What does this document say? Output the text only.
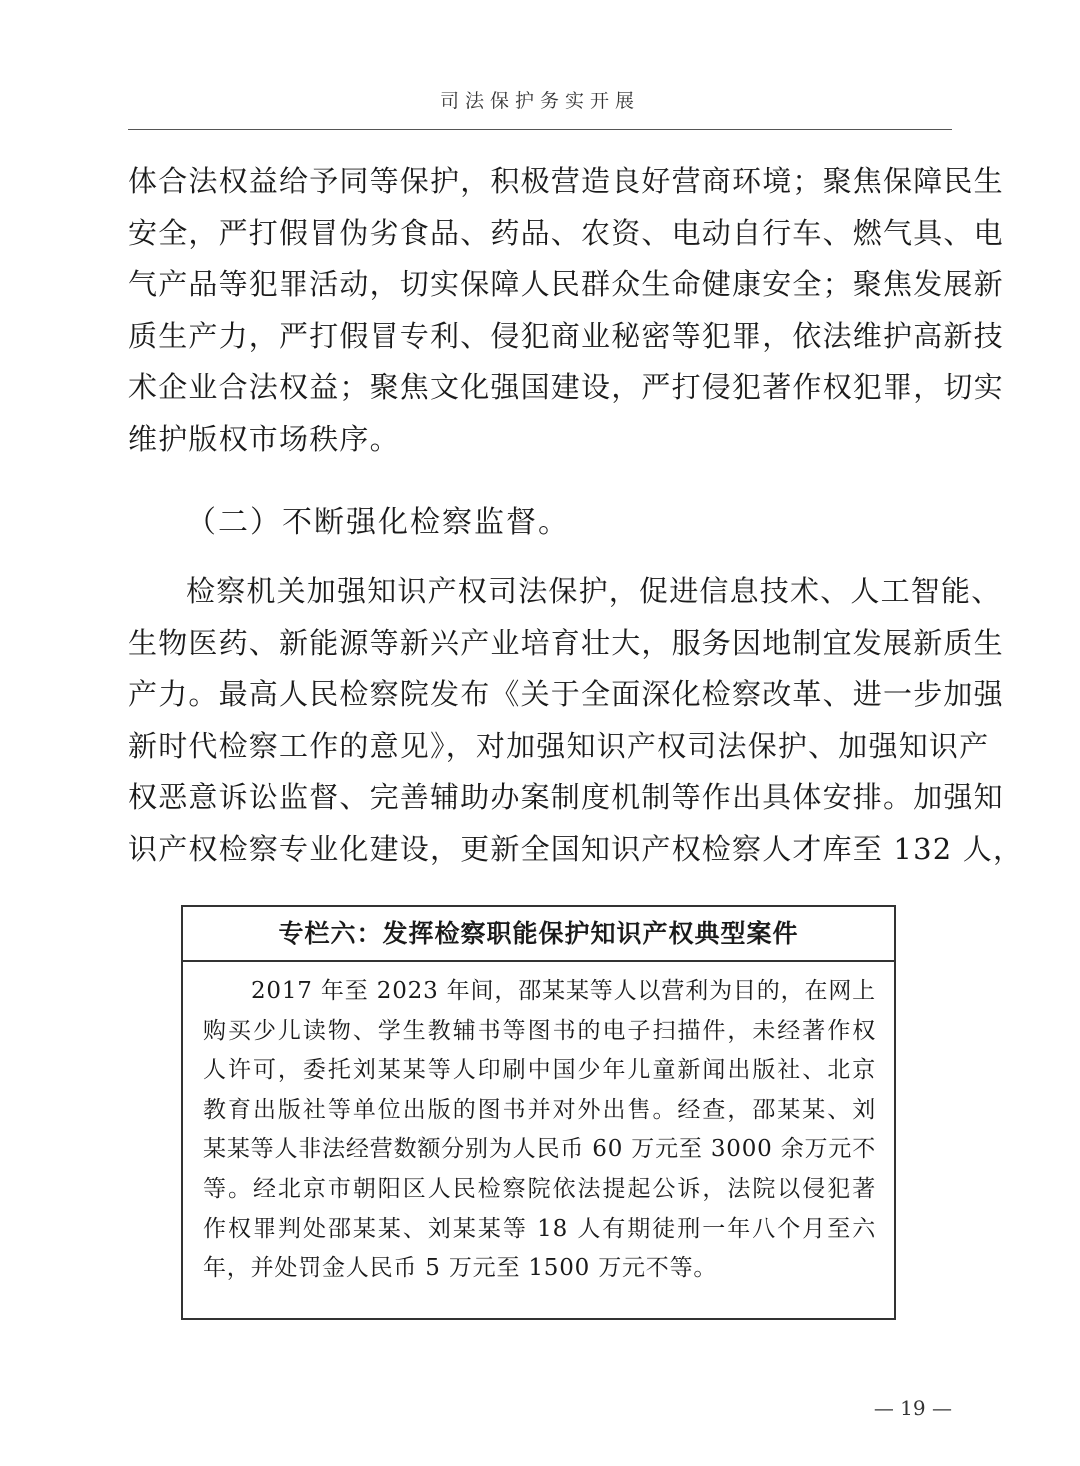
司法保护务实开展
体合法权益给予同等保护，积极营造良好营商环境；聚焦保障民生
安全，严打假冒伪劣食品、药品、农资、电动自行车、燃气具、电
气产品等犯罪活动，切实保障人民群众生命健康安全；聚焦发展新
质生产力，严打假冒专利、侵犯商业秘密等犯罪，依法维护高新技
术企业合法权益；聚焦文化强国建设，严打侵犯著作权犯罪，切实
维护版权市场秩序。
（二）不断强化检察监督。
检察机关加强知识产权司法保护，促进信息技术、人工智能、
生物医药、新能源等新兴产业培育壮大，服务因地制宜发展新质生
产力。最高人民检察院发布《关于全面深化检察改革、进一步加强
新时代检察工作的意见》，对加强知识产权司法保护、加强知识产
权恶意诉讼监督、完善辅助办案制度机制等作出具体安排。加强知
识产权检察专业化建设，更新全国知识产权检察人才库至 132 人，
专栏六：发挥检察职能保护知识产权典型案件
2017 年至 2023 年间，邵某某等人以营利为目的，在网上
购买少儿读物、学生教辅书等图书的电子扫描件，未经著作权
人许可，委托刘某某等人印刷中国少年儿童新闻出版社、北京
教育出版社等单位出版的图书并对外出售。经查，邵某某、刘
某某等人非法经营数额分别为人民币 60 万元至 3000 余万元不
等。经北京市朝阳区人民检察院依法提起公诉，法院以侵犯著
作权罪判处邵某某、刘某某等 18 人有期徒刑一年八个月至六
年，并处罚金人民币 5 万元至 1500 万元不等。
— 19 —
